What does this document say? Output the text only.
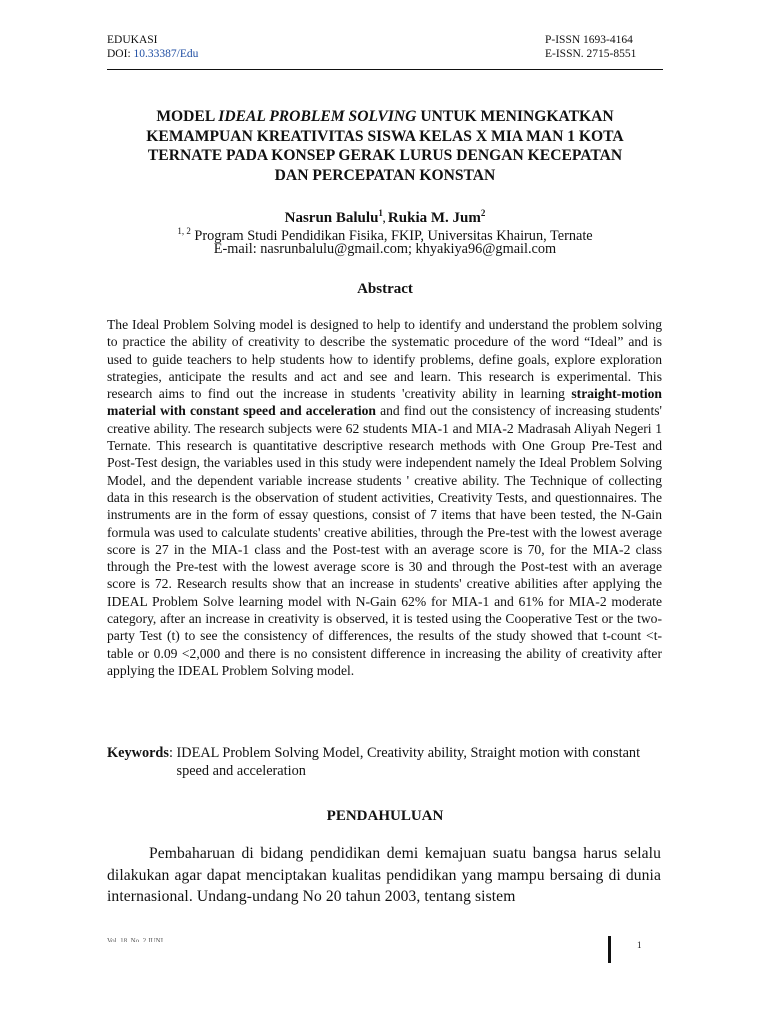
EDUKASI
DOI: 10.33387/Edu
P-ISSN 1693-4164
E-ISSN. 2715-8551
MODEL IDEAL PROBLEM SOLVING UNTUK MENINGKATKAN
KEMAMPUAN KREATIVITAS SISWA KELAS X MIA MAN 1 KOTA
TERNATE PADA KONSEP GERAK LURUS DENGAN KECEPATAN
DAN PERCEPATAN KONSTAN
Nasrun Balulu$^1$, Rukia M. Jum$^2$
$^{1, 2}$ Program Studi Pendidikan Fisika, FKIP, Universitas Khairun, Ternate
E-mail: nasrunbalulu@gmail.com; khyakiya96@gmail.com
Abstract
The Ideal Problem Solving model is designed to help to identify and understand the problem solving to practice the ability of creativity to describe the systematic procedure of the word “Ideal” and is used to guide teachers to help students how to identify problems, define goals, explore exploration strategies, anticipate the results and act and see and learn. This research is experimental. This research aims to find out the increase in students 'creativity ability in learning straight-motion material with constant speed and acceleration and find out the consistency of increasing students' creative ability. The research subjects were 62 students MIA-1 and MIA-2 Madrasah Aliyah Negeri 1 Ternate. This research is quantitative descriptive research methods with One Group Pre-Test and Post-Test design, the variables used in this study were independent namely the Ideal Problem Solving Model, and the dependent variable increase students ' creative ability. The Technique of collecting data in this research is the observation of student activities, Creativity Tests, and questionnaires. The instruments are in the form of essay questions, consist of 7 items that have been tested, the N-Gain formula was used to calculate students' creative abilities, through the Pre-test with the lowest average score is 27 in the MIA-1 class and the Post-test with an average score is 70, for the MIA-2 class through the Pre-test with the lowest average score is 30 and through the Post-test with an average score is 72. Research results show that an increase in students' creative abilities after applying the IDEAL Problem Solve learning model with N-Gain 62% for MIA-1 and 61% for MIA-2 moderate category, after an increase in creativity is observed, it is tested using the Cooperative Test or the two-party Test (t) to see the consistency of differences, the results of the study showed that t-count <t-table or 0.09 <2,000 and there is no consistent difference in increasing the ability of creativity after applying the IDEAL Problem Solving model.
Keywords : IDEAL Problem Solving Model, Creativity ability, Straight motion with constant speed and acceleration
PENDAHULUAN
Pembaharuan di bidang pendidikan demi kemajuan suatu bangsa harus selalu dilakukan agar dapat menciptakan kualitas pendidikan yang mampu bersaing di dunia internasional. Undang-undang No 20 tahun 2003, tentang sistem
Vol. 18. No. 2 JUNI	1
